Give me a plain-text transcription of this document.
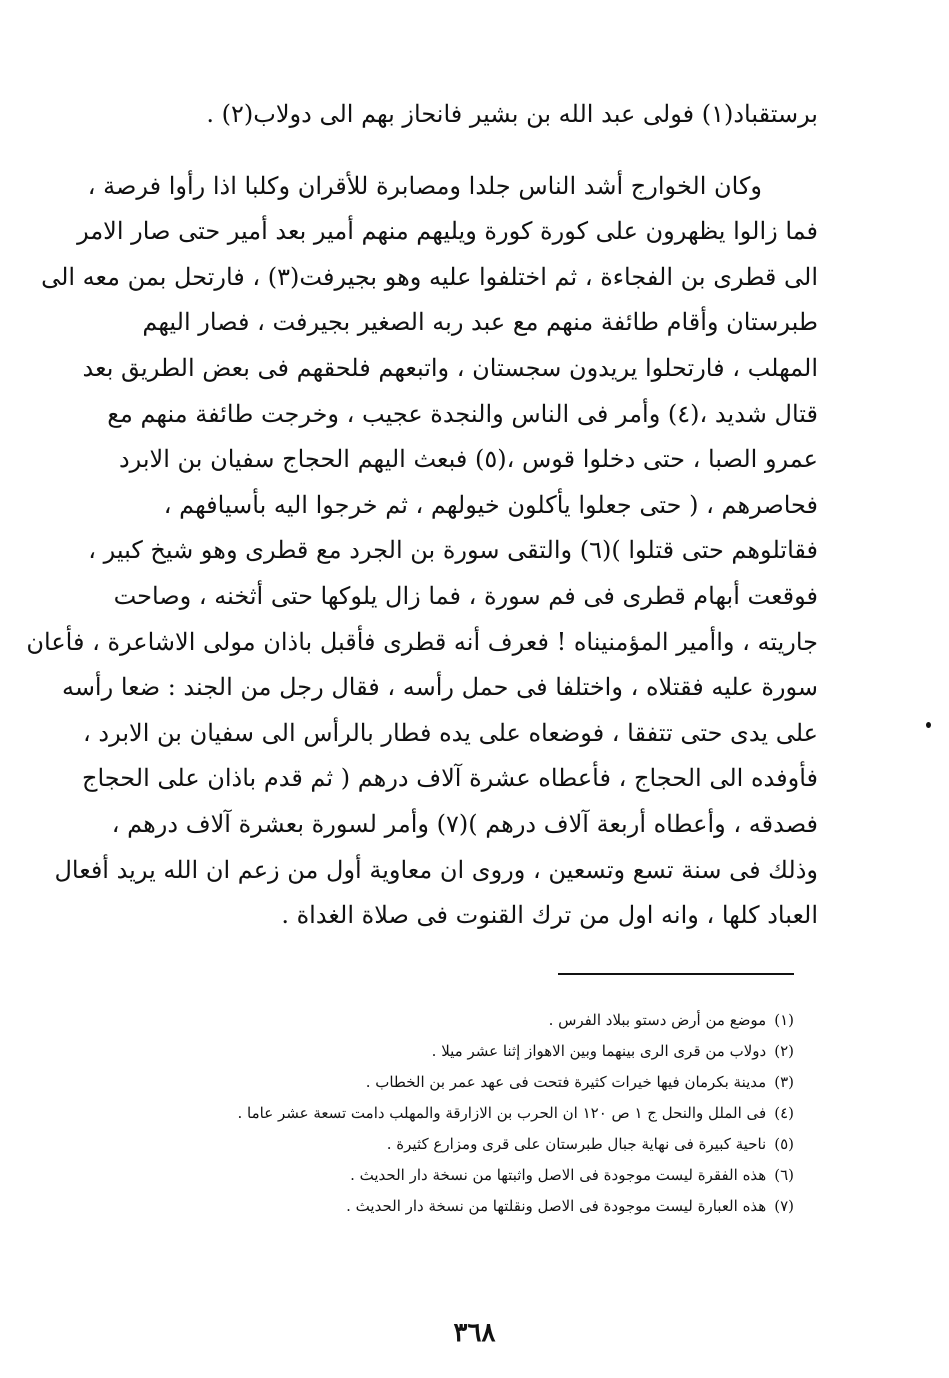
برستقباد(١) فولى عبد الله بن بشير فانحاز بهم الى دولاب(٢) .
وكان الخوارج أشد الناس جلدا ومصابرة للأقران وكلبا اذا رأوا فرصة ،
فما زالوا يظهرون على كورة كورة ويليهم منهم أمير بعد أمير حتى صار الامر
الى قطرى بن الفجاءة ، ثم اختلفوا عليه وهو بجيرفت(٣) ، فارتحل بمن معه الى
طبرستان وأقام طائفة منهم مع عبد ربه الصغير بجيرفت ، فصار اليهم
المهلب ، فارتحلوا يريدون سجستان ، واتبعهم فلحقهم فى بعض الطريق بعد
قتال شديد ،(٤) وأمر فى الناس والنجدة عجيب ، وخرجت طائفة منهم مع
عمرو الصبا ، حتى دخلوا قوس ،(٥) فبعث اليهم الحجاج سفيان بن الابرد
فحاصرهم ، ( حتى جعلوا يأكلون خيولهم ، ثم خرجوا اليه بأسيافهم ،
فقاتلوهم حتى قتلوا )(٦) والتقى سورة بن الجرد مع قطرى وهو شيخ كبير ،
فوقعت أبهام قطرى فى فم سورة ، فما زال يلوكها حتى أثخنه ، وصاحت
جاريته ، واأمير المؤمنيناه ! فعرف أنه قطرى فأقبل باذان مولى الاشاعرة ، فأعان
سورة عليه فقتلاه ، واختلفا فى حمل رأسه ، فقال رجل من الجند : ضعا رأسه
على يدى حتى تتفقا ، فوضعاه على يده فطار بالرأس الى سفيان بن الابرد ،
فأوفده الى الحجاج ، فأعطاه عشرة آلاف درهم ( ثم قدم باذان على الحجاج
فصدقه ، وأعطاه أربعة آلاف درهم )(٧) وأمر لسورة بعشرة آلاف درهم ،
وذلك فى سنة تسع وتسعين ، وروى ان معاوية أول من زعم ان الله يريد أفعال
العباد كلها ، وانه اول من ترك القنوت فى صلاة الغداة .
(١)موضع من أرض دستو ببلاد الفرس .
(٢)دولاب من قرى الرى بينهما وبين الاهواز إثنا عشر ميلا .
(٣)مدينة بكرمان فيها خيرات كثيرة فتحت فى عهد عمر بن الخطاب .
(٤)فى الملل والنحل ج ١ ص ١٢٠ ان الحرب بن الازارقة والمهلب دامت تسعة عشر عاما .
(٥)ناحية كبيرة فى نهاية جبال طبرستان على قرى ومزارع كثيرة .
(٦)هذه الفقرة ليست موجودة فى الاصل واثبتها من نسخة دار الحديث .
(٧)هذه العبارة ليست موجودة فى الاصل ونقلتها من نسخة دار الحديث .
٣٦٨
